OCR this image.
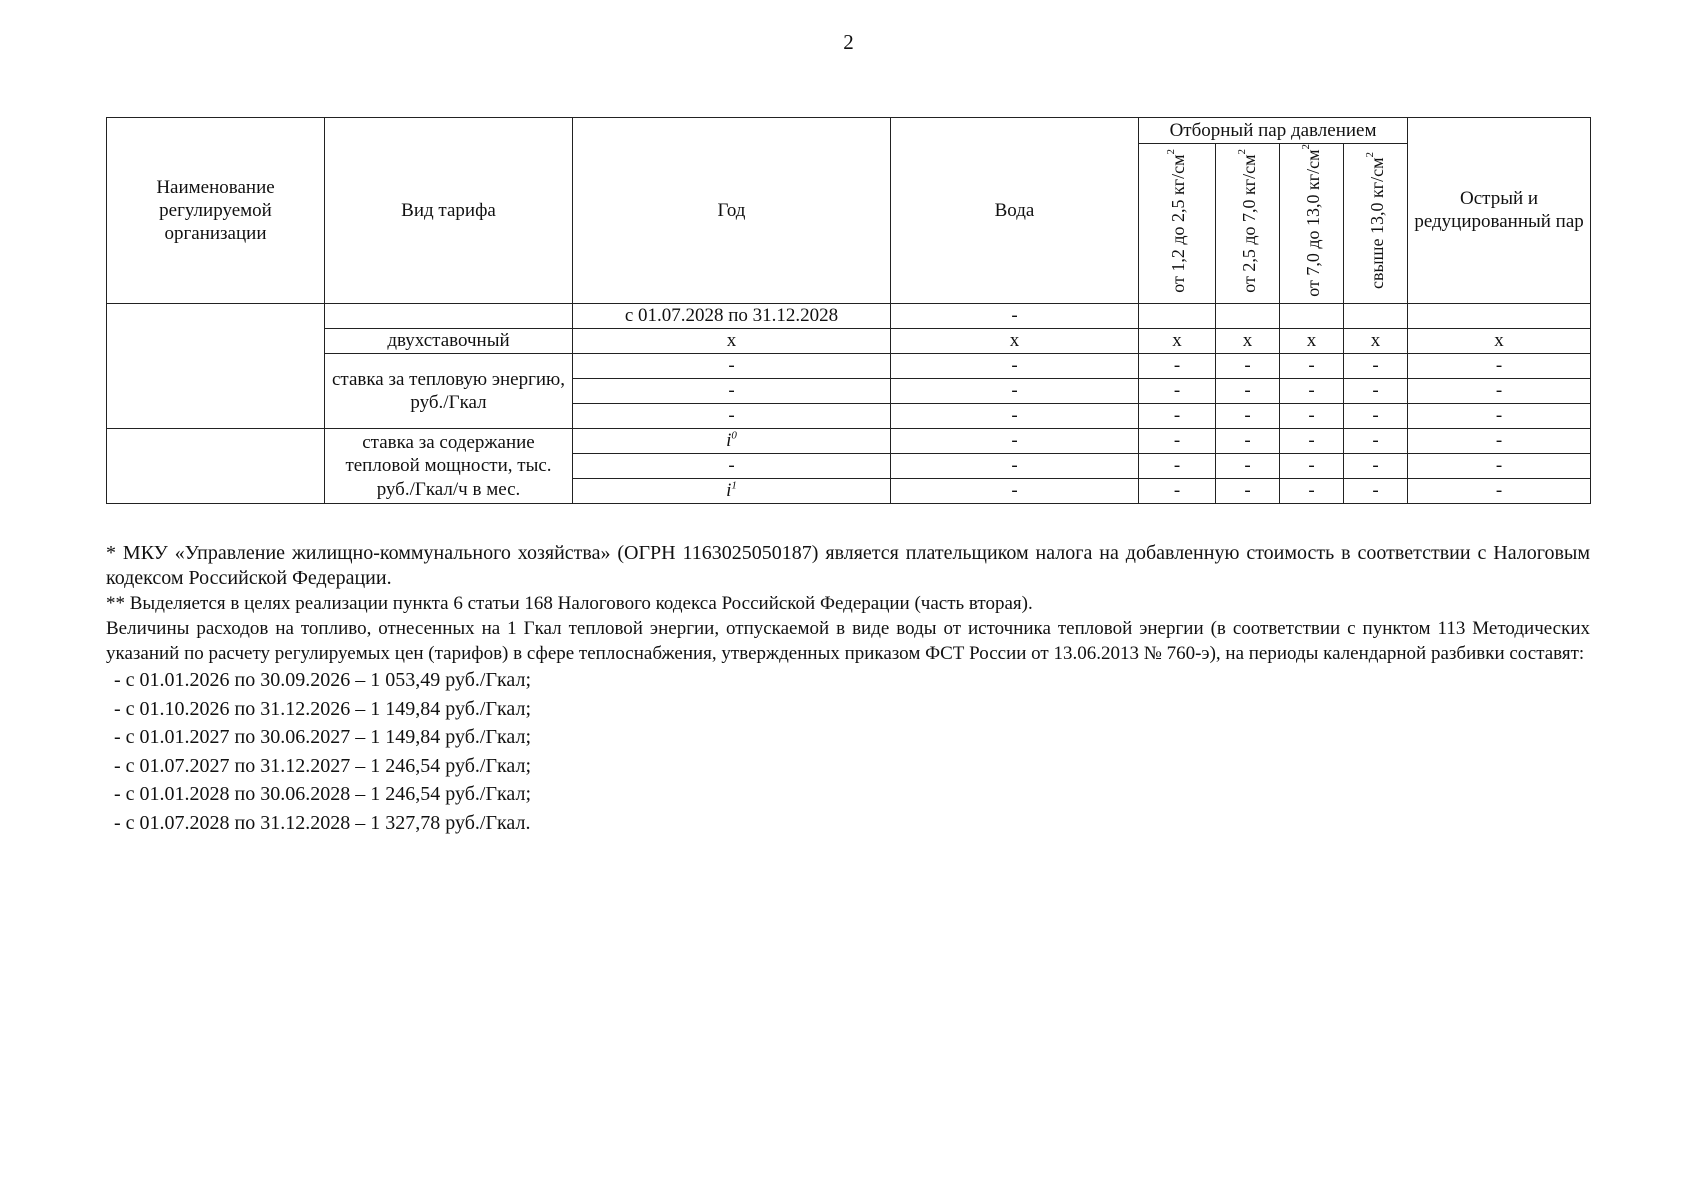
2
Наименование регулируемой организации	Вид тарифа	Год	Вода	Отборный пар давлением				Острый и редуцированный пар
				от 1,2 до 2,5 $кг/см^2$	от 2,5 до 7,0 $кг/см^2$	от 7,0 до 13,0 $кг/см^2$	свыше 13,0 $кг/см^2$
		с 01.07.2028 по 31.12.2028	-					
	двухставочный	x	x	x	x	x	x	x
	ставка за тепловую энергию, руб./Гкал	-	-	-	-	-	-	-
		-	-	-	-	-	-	-
		-	-	-	-	-	-	-
	ставка за содержание тепловой мощности, тыс. руб./Гкал/ч в мес.	$i^0$	-	-	-	-	-	-
		-	-	-	-	-	-	-
		$i^1$	-	-	-	-	-	-

* МКУ «Управление жилищно-коммунального хозяйства» (ОГРН 1163025050187) является плательщиком налога на добавленную стоимость в соответствии с Налоговым кодексом Российской Федерации.

** Выделяется в целях реализации пункта 6 статьи 168 Налогового кодекса Российской Федерации (часть вторая).

Величины расходов на топливо, отнесенных на 1 Гкал тепловой энергии, отпускаемой в виде воды от источника тепловой энергии (в соответствии с пунктом 113 Методических указаний по расчету регулируемых цен (тарифов) в сфере теплоснабжения, утвержденных приказом ФСТ России от 13.06.2013 № 760-э), на периоды календарной разбивки составят:

- с 01.01.2026 по 30.09.2026 – 1 053,49 руб./Гкал;
- с 01.10.2026 по 31.12.2026 – 1 149,84 руб./Гкал;
- с 01.01.2027 по 30.06.2027 – 1 149,84 руб./Гкал;
- с 01.07.2027 по 31.12.2027 – 1 246,54 руб./Гкал;
- с 01.01.2028 по 30.06.2028 – 1 246,54 руб./Гкал;
- с 01.07.2028 по 31.12.2028 – 1 327,78 руб./Гкал.
